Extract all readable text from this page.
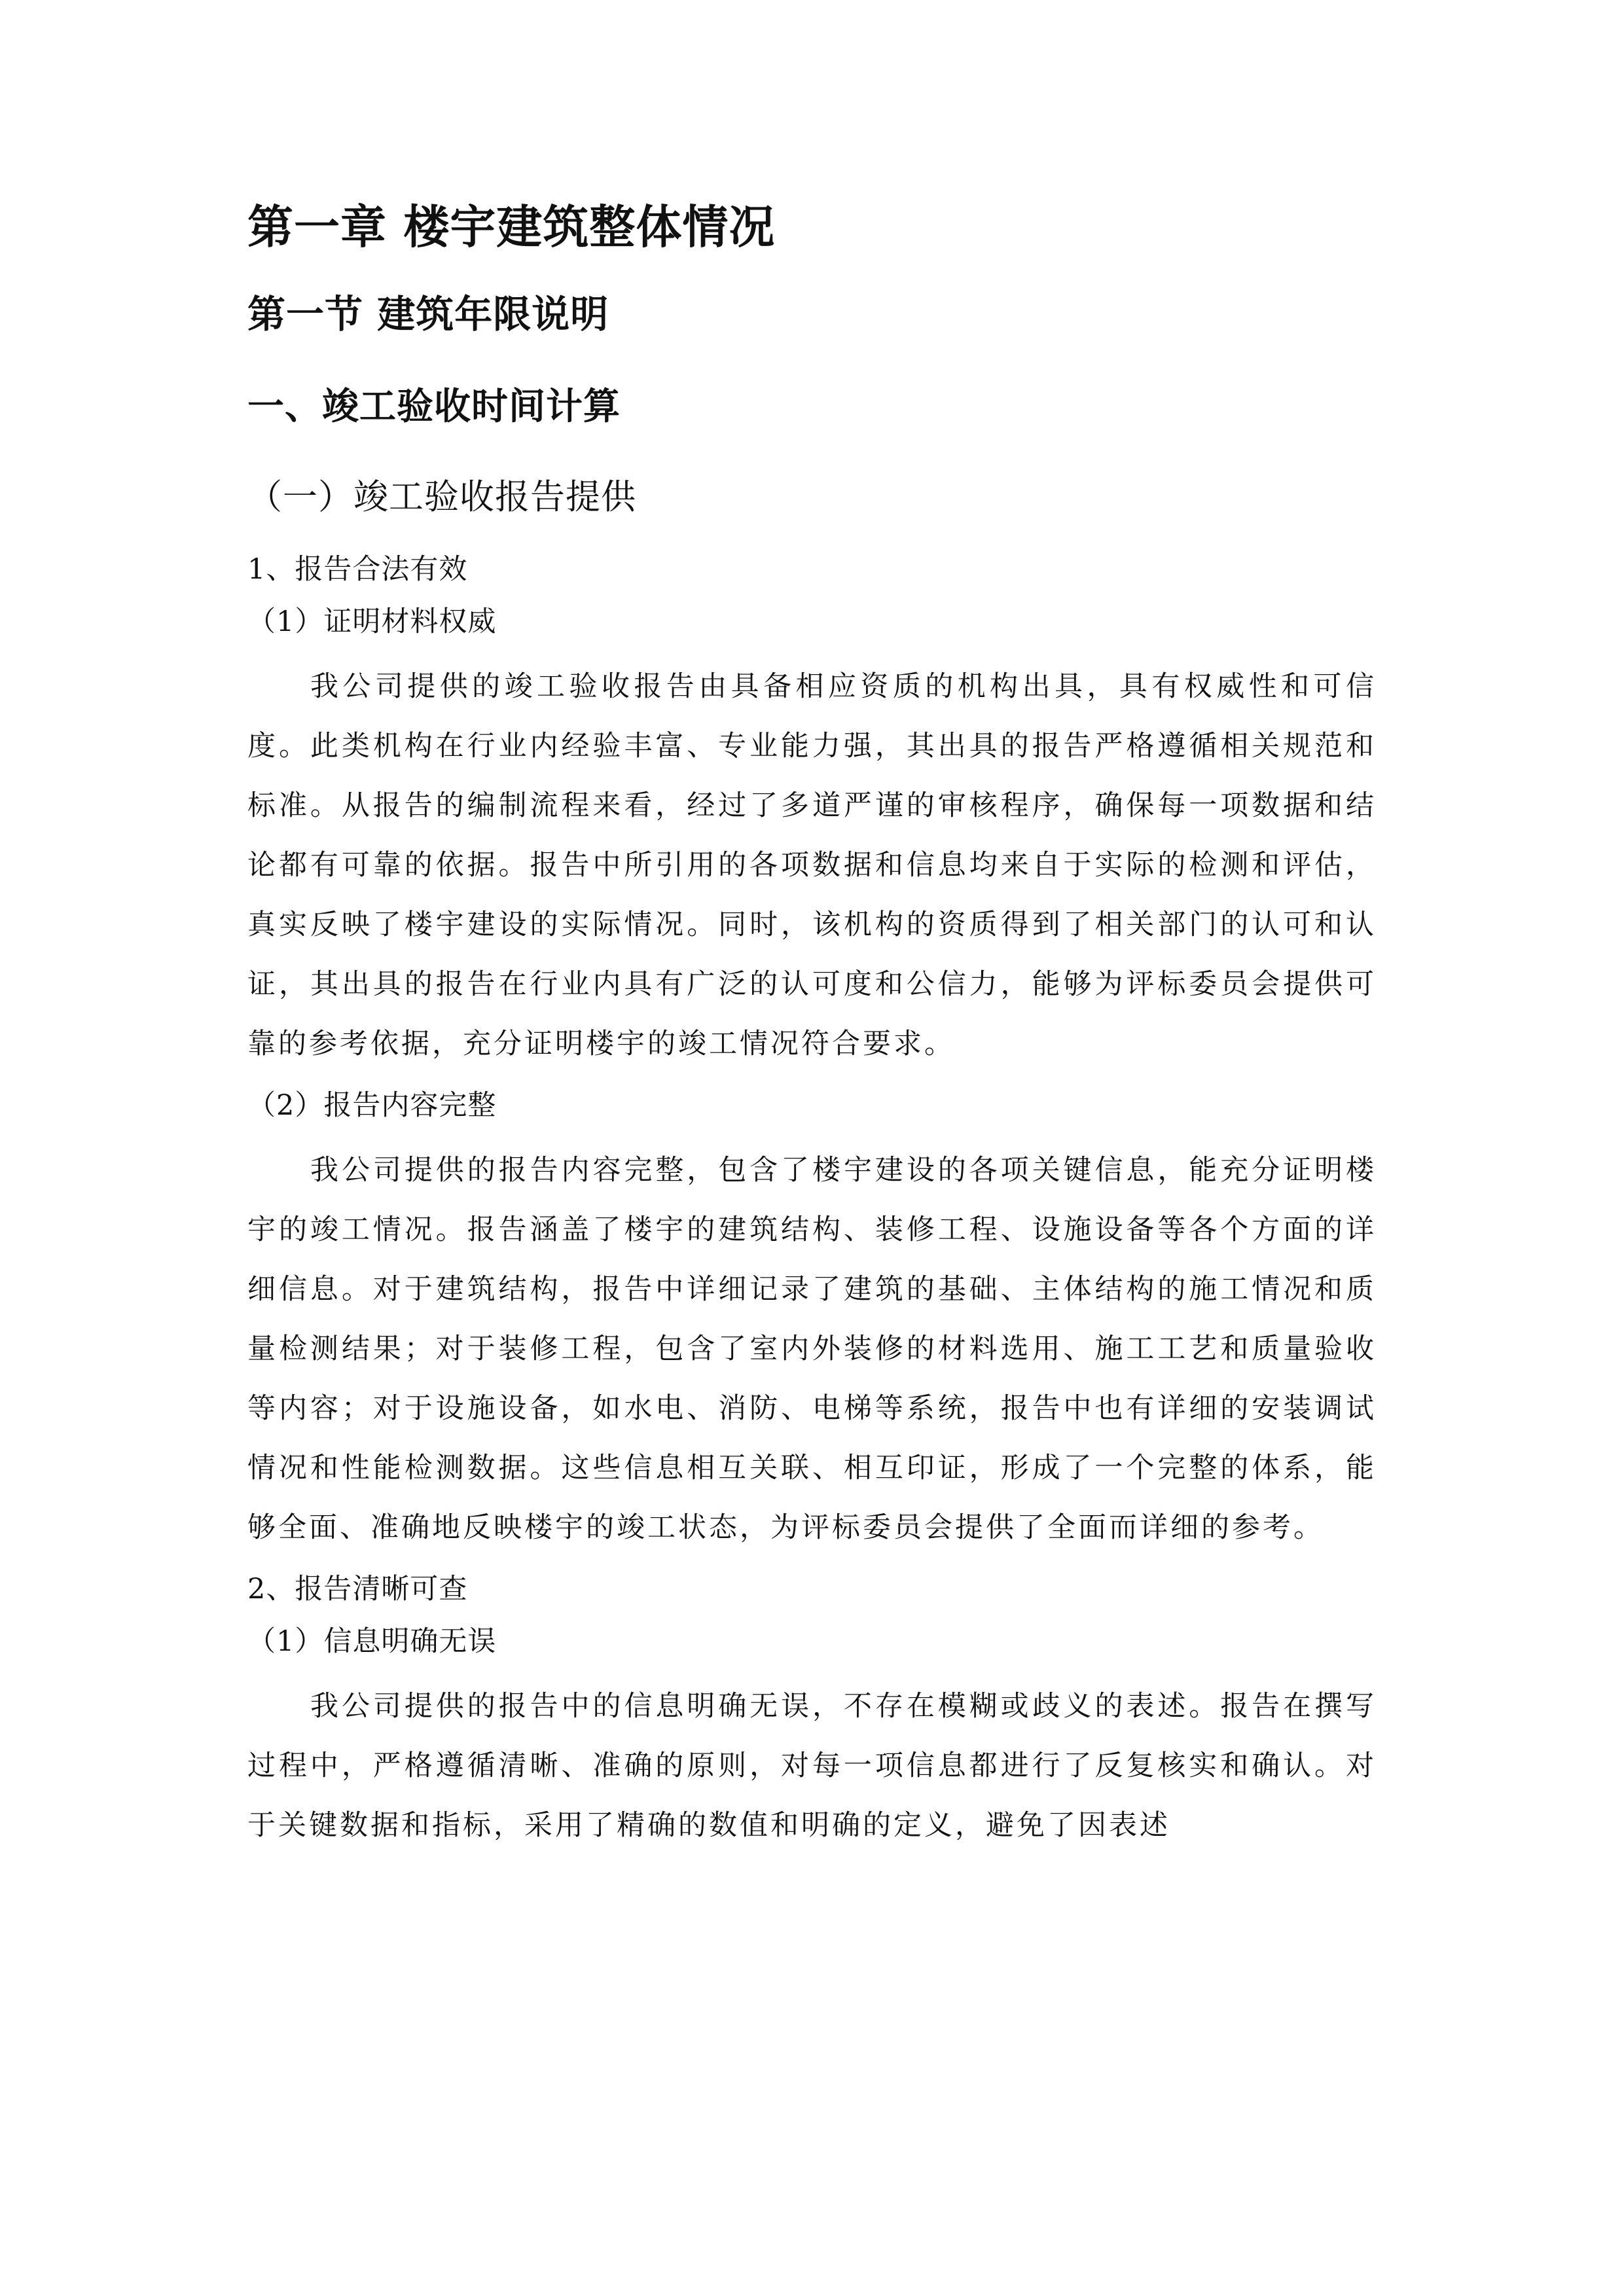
第一章 楼宇建筑整体情况
第一节 建筑年限说明
一、竣工验收时间计算
（一）竣工验收报告提供
1、报告合法有效
（1）证明材料权威

我公司提供的竣工验收报告由具备相应资质的机构出具，具有权威性和可信度。此类机构在行业内经验丰富、专业能力强，其出具的报告严格遵循相关规范和标准。从报告的编制流程来看，经过了多道严谨的审核程序，确保每一项数据和结论都有可靠的依据。报告中所引用的各项数据和信息均来自于实际的检测和评估，真实反映了楼宇建设的实际情况。同时，该机构的资质得到了相关部门的认可和认证，其出具的报告在行业内具有广泛的认可度和公信力，能够为评标委员会提供可靠的参考依据，充分证明楼宇的竣工情况符合要求。

（2）报告内容完整

我公司提供的报告内容完整，包含了楼宇建设的各项关键信息，能充分证明楼宇的竣工情况。报告涵盖了楼宇的建筑结构、装修工程、设施设备等各个方面的详细信息。对于建筑结构，报告中详细记录了建筑的基础、主体结构的施工情况和质量检测结果；对于装修工程，包含了室内外装修的材料选用、施工工艺和质量验收等内容；对于设施设备，如水电、消防、电梯等系统，报告中也有详细的安装调试情况和性能检测数据。这些信息相互关联、相互印证，形成了一个完整的体系，能够全面、准确地反映楼宇的竣工状态，为评标委员会提供了全面而详细的参考。

2、报告清晰可查
（1）信息明确无误

我公司提供的报告中的信息明确无误，不存在模糊或歧义的表述。报告在撰写过程中，严格遵循清晰、准确的原则，对每一项信息都进行了反复核实和确认。对于关键数据和指标，采用了精确的数值和明确的定义，避免了因表述
